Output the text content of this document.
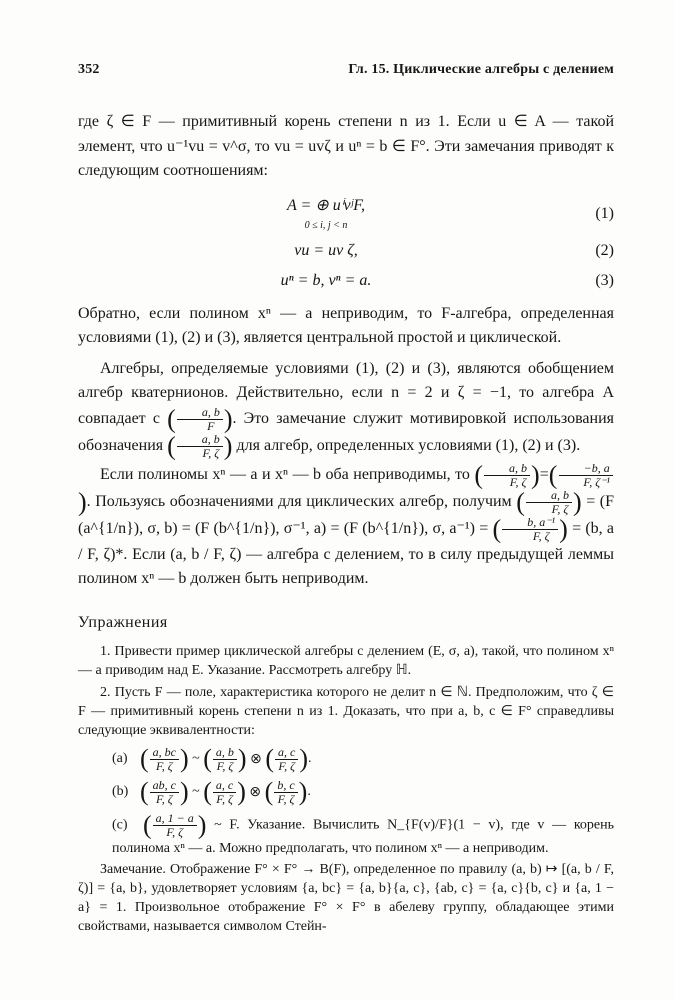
352	Гл. 15. Циклические алгебры с делением

где ζ ∈ F — примитивный корень степени n из 1. Если u ∈ A — такой элемент, что u⁻¹vu = v^σ, то vu = uvζ и uⁿ = b ∈ F°. Эти замечания приводят к следующим соотношениям:

A = ⊕ uⁱvʲF,
0 ≤ i, j < n
(1)
vu = uv ζ,	(2)
uⁿ = b, vⁿ = a.	(3)

Обратно, если полином xⁿ — a неприводим, то F-алгебра, определенная условиями (1), (2) и (3), является центральной простой и циклической.

Алгебры, определяемые условиями (1), (2) и (3), являются обобщением алгебр кватернионов. Действительно, если n = 2 и ζ = −1, то алгебра A совпадает с ( $\frac{a, b}{F}$ ). Это замечание служит мотивировкой использования обозначения ( $\frac{a, b}{F, \zeta}$ ) для алгебр, определенных условиями (1), (2) и (3).

Если полиномы xⁿ — a и xⁿ — b оба неприводимы, то ( $\frac{a, b}{F, \zeta}$ )=( $\frac{-b, a}{\text{F, ζ⁻¹}}$
). Пользуясь обозначениями для циклических алгебр, получим ( $\frac{a, b}{F, \zeta}$ ) = (F (a^{1/n}), σ, b) = (F (b^{1/n}), σ⁻¹, a) = (F (b^{1/n}), σ, a⁻¹) = ( $\frac{\text{b, a⁻¹}}{F, \zeta}$ ) = (b, a / F, ζ)*. Если (a, b / F, ζ) — алгебра с делением, то в силу предыдущей леммы полином xⁿ — b должен быть неприводим.

Упражнения

1. Привести пример циклической алгебры с делением (E, σ, a), такой, что полином xⁿ — a приводим над E. Указание. Рассмотреть алгебру ℍ.

2. Пусть F — поле, характеристика которого не делит n ∈ ℕ. Предположим, что ζ ∈ F — примитивный корень степени n из 1. Доказать, что при a, b, c ∈ F° справедливы следующие эквивалентности:

(a) ( $\frac{a, bc}{F, \zeta}$ ) ~ ( $\frac{a, b}{F, \zeta}$ ) ⊗ ( $\frac{a, c}{F, \zeta}$ ) .
(b) ( $\frac{ab, c}{F, \zeta}$ ) ~ ( $\frac{a, c}{F, \zeta}$ ) ⊗ ( $\frac{b, c}{F, \zeta}$ ) .

(c) ( $\frac{a, 1 - a}{F, \zeta}$ ) ~ F. Указание. Вычислить N_{F(v)/F}(1 − v), где v — корень полинома xⁿ — a. Можно предполагать, что полином xⁿ — a неприводим.

Замечание. Отображение F° × F° → B(F), определенное по правилу (a, b) ↦ [(a, b / F, ζ)] = {a, b}, удовлетворяет условиям {a, bc} = {a, b}{a, c}, {ab, c} = {a, c}{b, c} и {a, 1 − a} = 1. Произвольное отображение F° × F° в абелеву группу, обладающее этими свойствами, называется символом Стейн-
